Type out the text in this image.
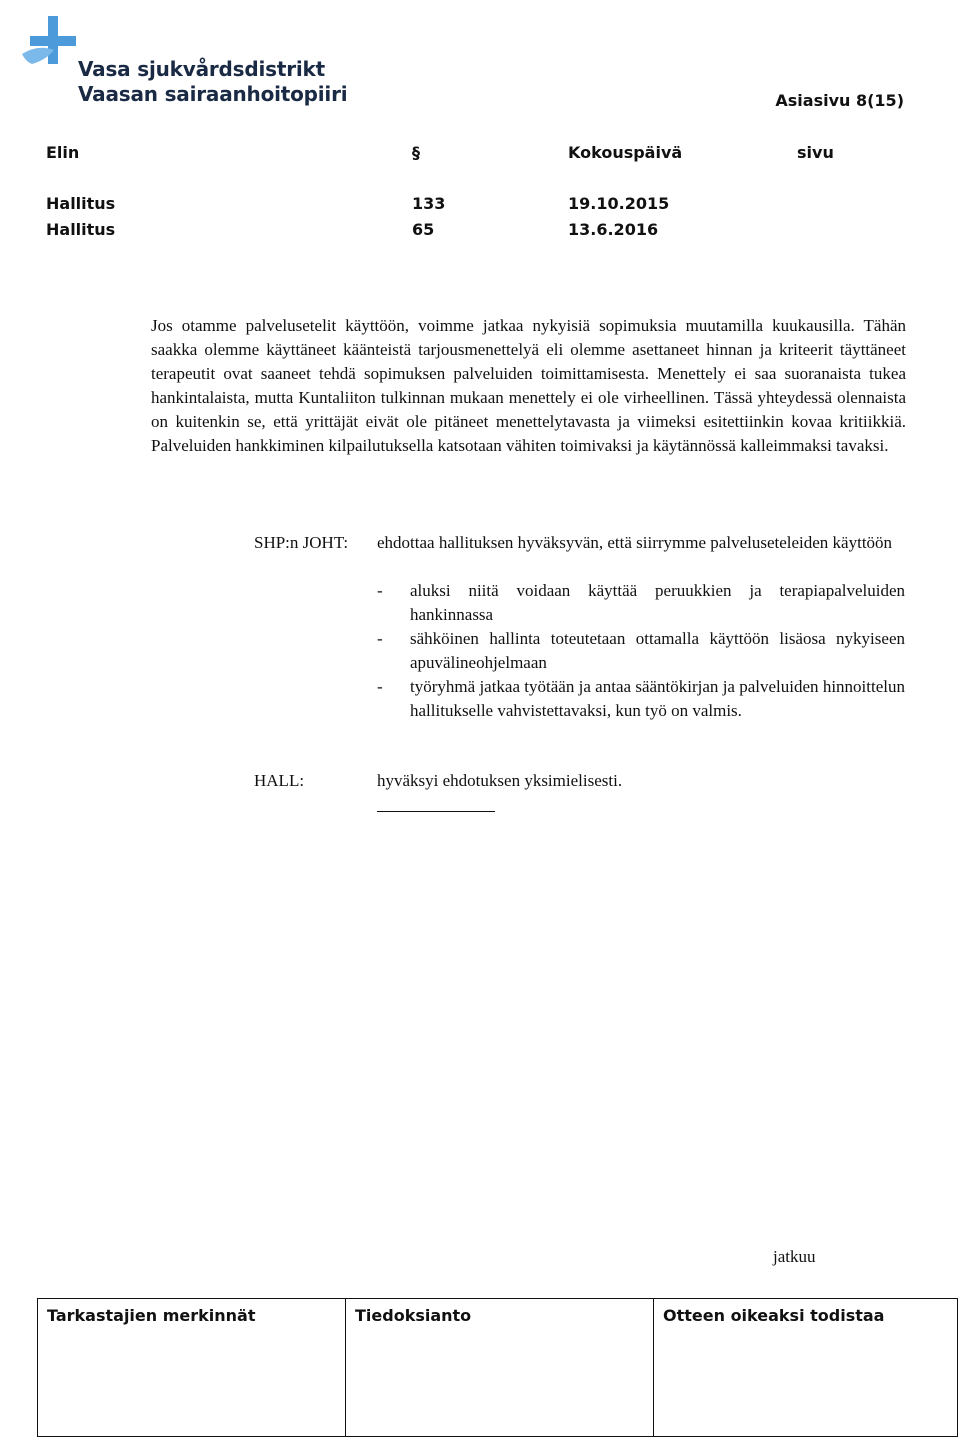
Vasa sjukvårdsdistrikt
Vaasan sairaanhoitopiiri	Asiasivu 8(15)
Elin	§	Kokouspäivä	sivu
Hallitus	133	19.10.2015
Hallitus	65	13.6.2016

Jos otamme palvelusetelit käyttöön, voimme jatkaa nykyisiä sopimuksia muutamilla kuukausilla. Tähän saakka olemme käyttäneet käänteistä tarjousmenettelyä eli olemme asettaneet hinnan ja kriteerit täyttäneet terapeutit ovat saaneet tehdä sopimuksen palveluiden toimittamisesta. Menettely ei saa suoranaista tukea hankintalaista, mutta Kuntaliiton tulkinnan mukaan menettely ei ole virheellinen. Tässä yhteydessä olennaista on kuitenkin se, että yrittäjät eivät ole pitäneet menettelytavasta ja viimeksi esitettiinkin kovaa kritiikkiä. Palveluiden hankkiminen kilpailutuksella katsotaan vähiten toimivaksi ja käytännössä kalleimmaksi tavaksi.

SHP:n JOHT: ehdottaa hallituksen hyväksyvän, että siirrymme palveluseteleiden käyttöön
- aluksi niitä voidaan käyttää peruukkien ja terapiapalveluiden hankinnassa
- sähköinen hallinta toteutetaan ottamalla käyttöön lisäosa nykyiseen apuvälineohjelmaan
- työryhmä jatkaa työtään ja antaa sääntökirjan ja palveluiden hinnoittelun hallitukselle vahvistettavaksi, kun työ on valmis.
HALL:	hyväksyi ehdotuksen yksimielisesti.
jatkuu
Tarkastajien merkinnät	Tiedoksianto	Otteen oikeaksi todistaa
